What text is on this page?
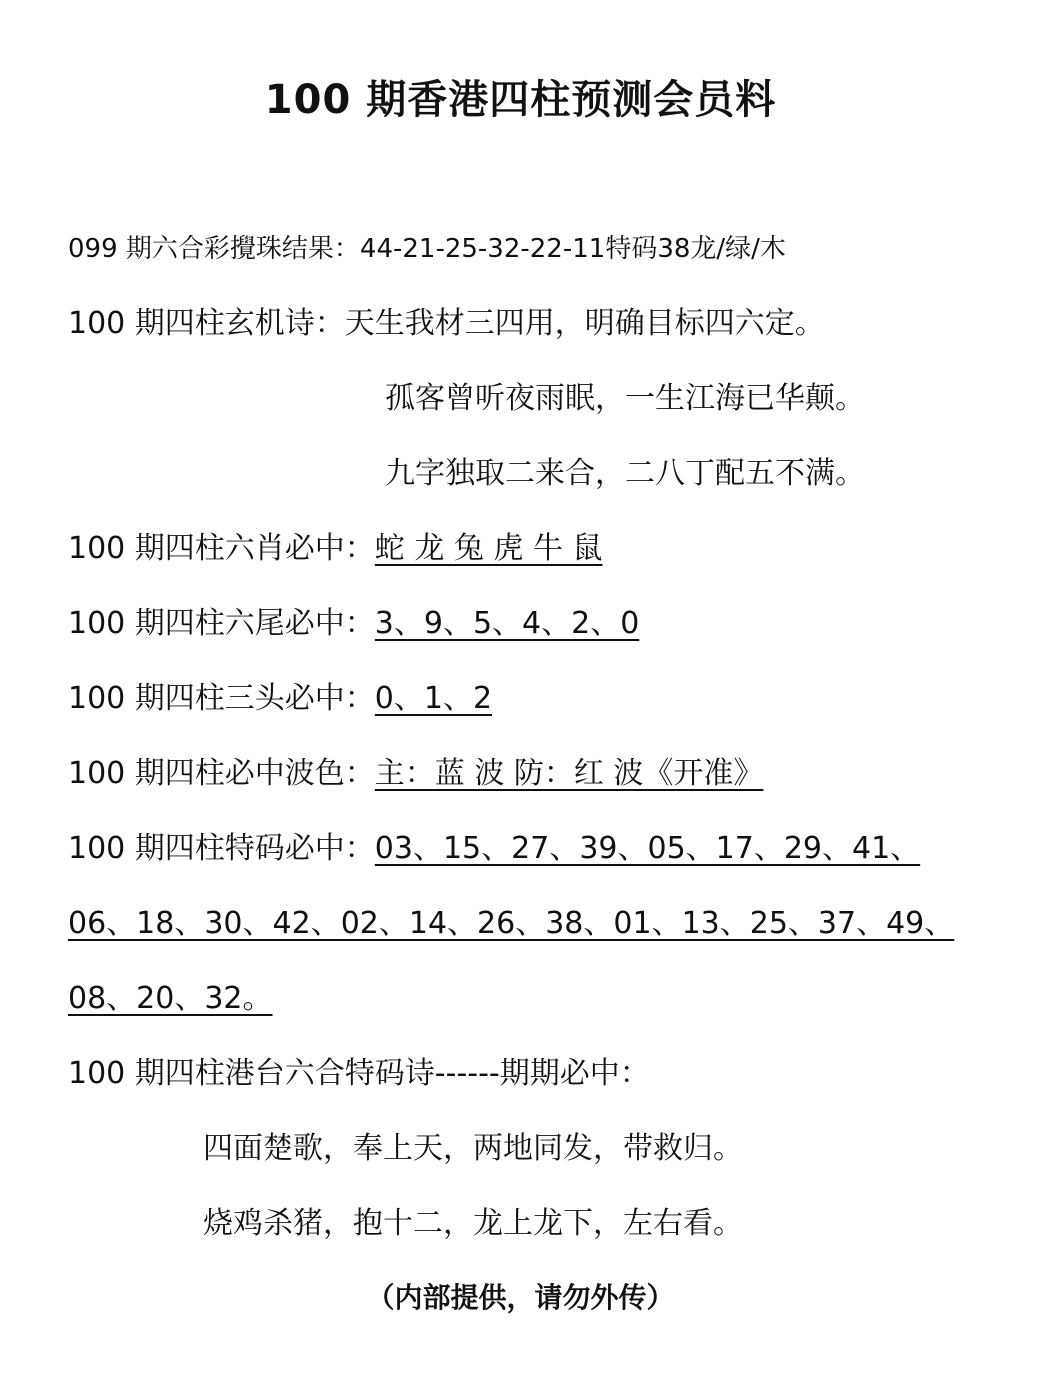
100 期香港四柱预测会员料
099 期六合彩攪珠结果：44-21-25-32-22-11特码38龙/绿/木
100 期四柱玄机诗：天生我材三四用，明确目标四六定。
孤客曾听夜雨眠，一生江海已华颠。
九字独取二来合，二八丁配五不满。
100 期四柱六肖必中：蛇 龙 兔 虎 牛 鼠
100 期四柱六尾必中：3、9、5、4、2、0
100 期四柱三头必中：0、1、2
100 期四柱必中波色：主：蓝 波 防：红 波《开准》
100 期四柱特码必中：03、15、27、39、05、17、29、41、
06、18、30、42、02、14、26、38、01、13、25、37、49、
08、20、32。
100 期四柱港台六合特码诗------期期必中：
四面楚歌，奉上天，两地同发，带救归。
烧鸡杀猪，抱十二，龙上龙下，左右看。
（内部提供，请勿外传）
